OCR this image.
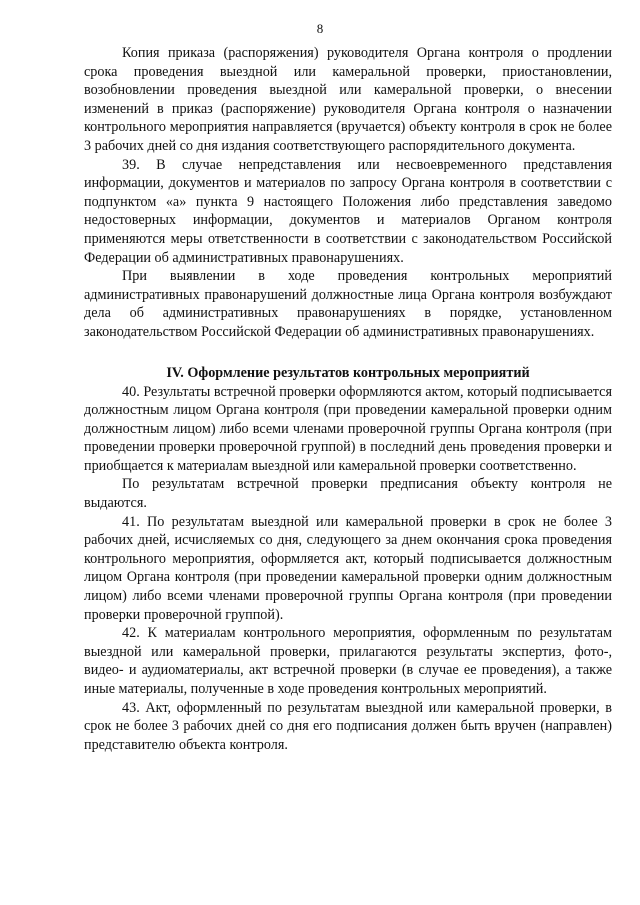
8

Копия приказа (распоряжения) руководителя Органа контроля о продлении срока проведения выездной или камеральной проверки, приостановлении, возобновлении проведения выездной или камеральной проверки, о внесении изменений в приказ (распоряжение) руководителя Органа контроля о назначении контрольного мероприятия направляется (вручается) объекту контроля в срок не более 3 рабочих дней со дня издания соответствующего распорядительного документа.

39. В случае непредставления или несвоевременного представления информации, документов и материалов по запросу Органа контроля в соответствии с подпунктом «а» пункта 9 настоящего Положения либо представления заведомо недостоверных информации, документов и материалов Органом контроля применяются меры ответственности в соответствии с законодательством Российской Федерации об административных правонарушениях.

При выявлении в ходе проведения контрольных мероприятий административных правонарушений должностные лица Органа контроля возбуждают дела об административных правонарушениях в порядке, установленном законодательством Российской Федерации об административных правонарушениях.

IV. Оформление результатов контрольных мероприятий

40. Результаты встречной проверки оформляются актом, который подписывается должностным лицом Органа контроля (при проведении камеральной проверки одним должностным лицом) либо всеми членами проверочной группы Органа контроля (при проведении проверки проверочной группой) в последний день проведения проверки и приобщается к материалам выездной или камеральной проверки соответственно.

По результатам встречной проверки предписания объекту контроля не выдаются.

41. По результатам выездной или камеральной проверки в срок не более 3 рабочих дней, исчисляемых со дня, следующего за днем окончания срока проведения контрольного мероприятия, оформляется акт, который подписывается должностным лицом Органа контроля (при проведении камеральной проверки одним должностным лицом) либо всеми членами проверочной группы Органа контроля (при проведении проверки проверочной группой).

42. К материалам контрольного мероприятия, оформленным по результатам выездной или камеральной проверки, прилагаются результаты экспертиз, фото-, видео- и аудиоматериалы, акт встречной проверки (в случае ее проведения), а также иные материалы, полученные в ходе проведения контрольных мероприятий.

43. Акт, оформленный по результатам выездной или камеральной проверки, в срок не более 3 рабочих дней со дня его подписания должен быть вручен (направлен) представителю объекта контроля.
